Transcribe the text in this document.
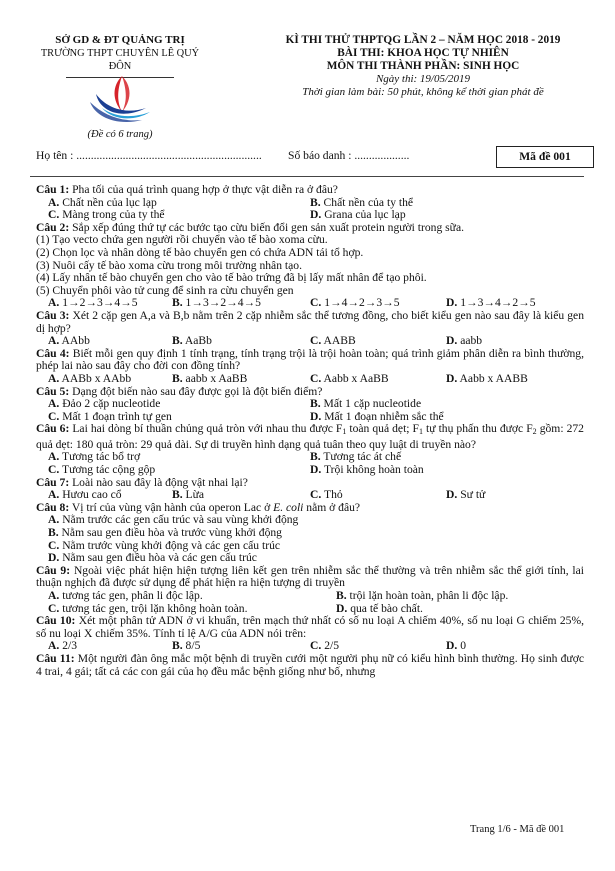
SỞ GD & ĐT QUẢNG TRỊ
TRƯỜNG THPT CHUYÊN LÊ QUÝ ĐÔN
(Đề có 6 trang)
KÌ THI THỬ THPTQG LẦN 2 – NĂM HỌC 2018 - 2019
BÀI THI: KHOA HỌC TỰ NHIÊN
MÔN THI THÀNH PHẦN: SINH HỌC
Ngày thi: 19/05/2019
Thời gian làm bài: 50 phút, không kể thời gian phát đề
Họ tên : ................................................................ Số báo danh : ...................	Mã đề 001
Câu 1: Pha tối của quá trình quang hợp ở thực vật diễn ra ở đâu?
A. Chất nền của lục lạp	B. Chất nền của ty thể
C. Màng trong của ty thể	D. Grana của lục lạp
Câu 2: Sắp xếp đúng thứ tự các bước tạo cừu biến đổi gen sản xuất protein người trong sữa.
(1) Tạo vecto chứa gen người rồi chuyển vào tế bào xoma cừu.
(2) Chọn lọc và nhân dòng tế bào chuyển gen có chứa ADN tái tổ hợp.
(3) Nuôi cấy tế bào xoma cừu trong môi trường nhân tạo.
(4) Lấy nhân tế bào chuyển gen cho vào tế bào trứng đã bị lấy mất nhân để tạo phôi.
(5) Chuyển phôi vào tử cung để sinh ra cừu chuyển gen
A. 1→2→3→4→5	B. 1→3→2→4→5	C. 1→4→2→3→5	D. 1→3→4→2→5
Câu 3: Xét 2 cặp gen A,a và B,b nằm trên 2 cặp nhiễm sắc thể tương đồng, cho biết kiểu gen nào sau đây là kiểu gen dị hợp?
A. AAbb	B. AaBb	C. AABB	D. aabb
Câu 4: Biết mỗi gen quy định 1 tính trạng, tính trạng trội là trội hoàn toàn; quá trình giảm phân diễn ra bình thường, phép lai nào sau đây cho đời con đồng tính?
A. AABb x AAbb	B. aabb x AaBB	C. Aabb x AaBB	D. Aabb x AABB
Câu 5: Dạng đột biến nào sau đây được gọi là đột biến điểm?
A. Đảo 2 cặp nucleotide	B. Mất 1 cặp nucleotide
C. Mất 1 đoạn trình tự gen	D. Mất 1 đoạn nhiễm sắc thể
Câu 6: Lai hai dòng bí thuần chủng quả tròn với nhau thu được $F_1$ toàn quả dẹt; $F_1$ tự thụ phấn thu được $F_2$ gồm: 272 quả dẹt: 180 quả tròn: 29 quả dài. Sự di truyền hình dạng quả tuân theo quy luật di truyền nào?
A. Tương tác bổ trợ	B. Tương tác át chế
C. Tương tác cộng gộp	D. Trội không hoàn toàn
Câu 7: Loài nào sau đây là động vật nhai lại?
A. Hươu cao cổ	B. Lừa	C. Thỏ	D. Sư tử
Câu 8: Vị trí của vùng vận hành của operon Lac ở E. coli nằm ở đâu?
A. Nằm trước các gen cấu trúc và sau vùng khởi động
B. Nằm sau gen điều hòa và trước vùng khởi động
C. Nằm trước vùng khởi động và các gen cấu trúc
D. Nằm sau gen điều hòa và các gen cấu trúc
Câu 9: Ngoài việc phát hiện hiện tượng liên kết gen trên nhiễm sắc thể thường và trên nhiễm sắc thể giới tính, lai thuận nghịch đã được sử dụng để phát hiện ra hiện tượng di truyền
A. tương tác gen, phân li độc lập.	B. trội lặn hoàn toàn, phân li độc lập.
C. tương tác gen, trội lặn không hoàn toàn.	D. qua tế bào chất.
Câu 10: Xét một phân tử ADN ở vi khuẩn, trên mạch thứ nhất có số nu loại A chiếm 40%, số nu loại G chiếm 25%, số nu loại X chiếm 35%. Tính tỉ lệ A/G của ADN nói trên:
A. 2/3	B. 8/5	C. 2/5	D. 0
Câu 11: Một người đàn ông mắc một bệnh di truyền cưới một người phụ nữ có kiểu hình bình thường. Họ sinh được 4 trai, 4 gái; tất cả các con gái của họ đều mắc bệnh giống như bố, nhưng
Trang 1/6 - Mã đề 001
